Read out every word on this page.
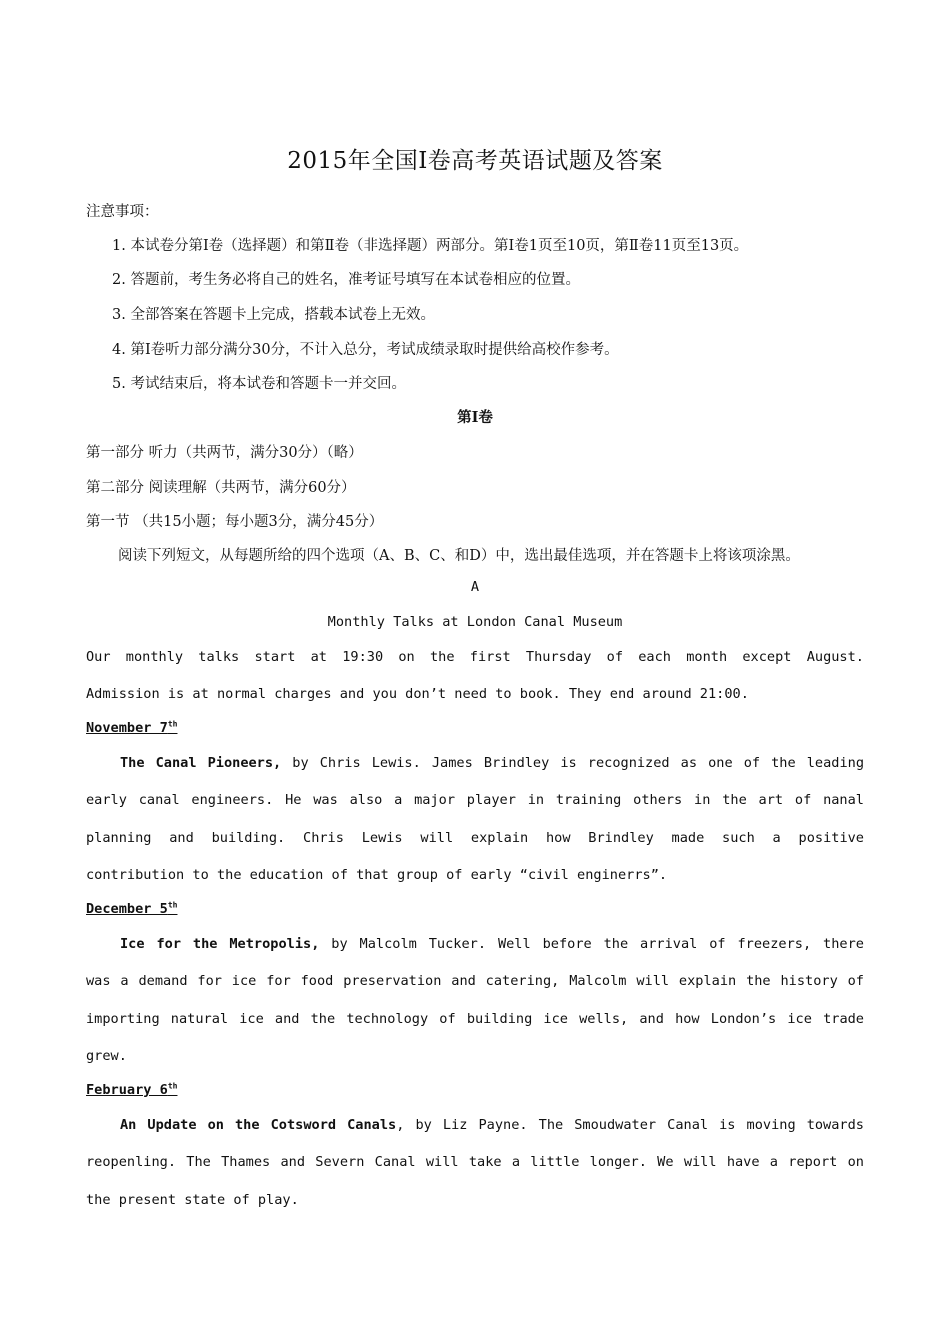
2015年全国Ⅰ卷高考英语试题及答案
注意事项：
1. 本试卷分第Ⅰ卷（选择题）和第Ⅱ卷（非选择题）两部分。第Ⅰ卷1页至10页，第Ⅱ卷11页至13页。
2. 答题前，考生务必将自己的姓名，准考证号填写在本试卷相应的位置。
3. 全部答案在答题卡上完成，搭载本试卷上无效。
4. 第Ⅰ卷听力部分满分30分，不计入总分，考试成绩录取时提供给高校作参考。
5. 考试结束后，将本试卷和答题卡一并交回。
第Ⅰ卷
第一部分 听力（共两节，满分30分）（略）
第二部分 阅读理解（共两节，满分60分）
第一节 （共15小题；每小题3分，满分45分）
阅读下列短文，从每题所给的四个选项（A、B、C、和D）中，选出最佳选项，并在答题卡上将该项涂黑。
A
Monthly Talks at London Canal Museum
Our monthly talks start at 19:30 on the first Thursday of each month except August.
Admission is at normal charges and you don’t need to book. They end around 21:00.
November 7th
The Canal Pioneers, by Chris Lewis. James Brindley is recognized as one of the leading
early canal engineers. He was also a major player in training others in the art of nanal
planning and building. Chris Lewis will explain how Brindley made such a positive
contribution to the education of that group of early “civil enginerrs”.
December 5th
Ice for the Metropolis, by Malcolm Tucker. Well before the arrival of freezers, there
was a demand for ice for food preservation and catering, Malcolm will explain the history of
importing natural ice and the technology of building ice wells, and how London’s ice trade
grew.
February 6th
An Update on the Cotsword Canals, by Liz Payne. The Smoudwater Canal is moving towards
reopenling. The Thames and Severn Canal will take a little longer. We will have a report on
the present state of play.
